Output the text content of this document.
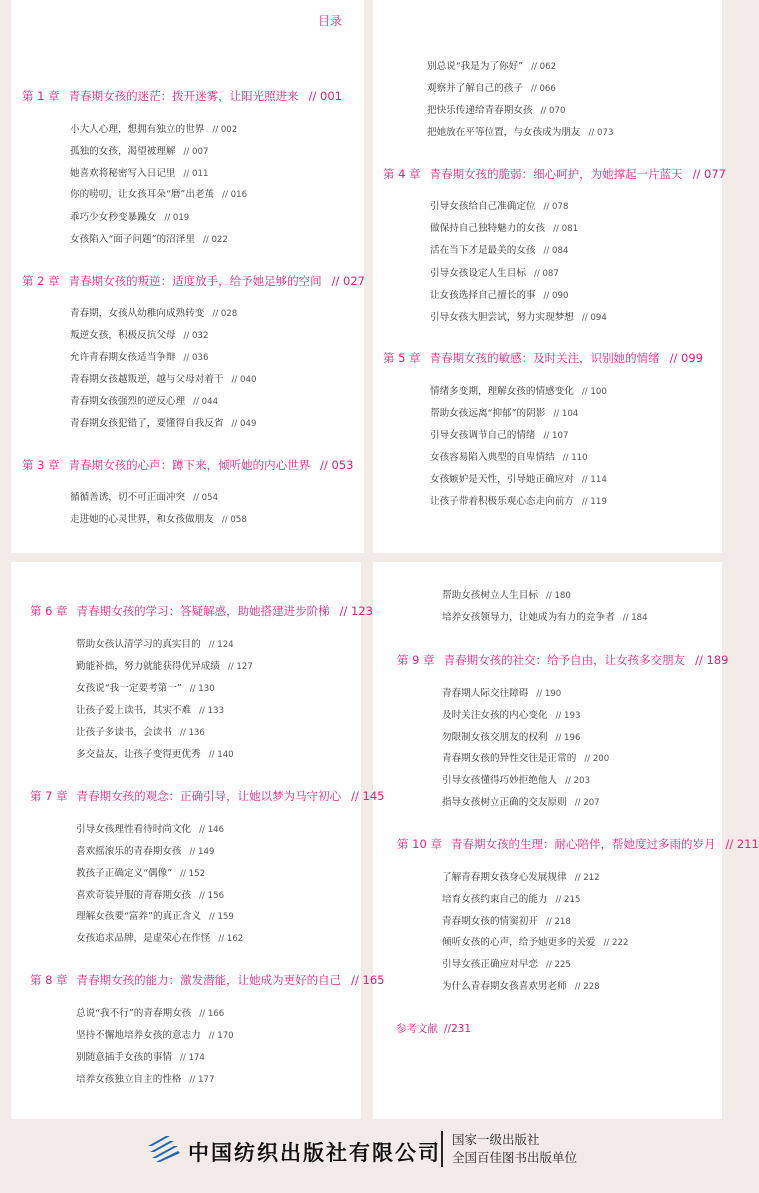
目录
第 1 章 青春期女孩的迷茫：拨开迷雾，让阳光照进来 // 001
小大人心理，想拥有独立的世界 // 002
孤独的女孩，渴望被理解 // 007
她喜欢将秘密写入日记里 // 011
你的唠叨，让女孩耳朵“磨”出老茧 // 016
乖巧少女秒变暴躁女 // 019
女孩陷入“面子问题”的沼泽里 // 022
第 2 章 青春期女孩的叛逆：适度放手，给予她足够的空间 // 027
青春期，女孩从幼稚向成熟转变 // 028
叛逆女孩，积极反抗父母 // 032
允许青春期女孩适当争辩 // 036
青春期女孩越叛逆，越与父母对着干 // 040
青春期女孩强烈的逆反心理 // 044
青春期女孩犯错了，要懂得自我反省 // 049
第 3 章 青春期女孩的心声：蹲下来，倾听她的内心世界 // 053
循循善诱，切不可正面冲突 // 054
走进她的心灵世界，和女孩做朋友 // 058
别总说“我是为了你好” // 062
观察并了解自己的孩子 // 066
把快乐传递给青春期女孩 // 070
把她放在平等位置，与女孩成为朋友 // 073
第 4 章 青春期女孩的脆弱：细心呵护，为她撑起一片蓝天 // 077
引导女孩给自己准确定位 // 078
做保持自己独特魅力的女孩 // 081
活在当下才是最美的女孩 // 084
引导女孩设定人生目标 // 087
让女孩选择自己擅长的事 // 090
引导女孩大胆尝试，努力实现梦想 // 094
第 5 章 青春期女孩的敏感：及时关注，识别她的情绪 // 099
情绪多变期，理解女孩的情感变化 // 100
帮助女孩远离“抑郁”的阴影 // 104
引导女孩调节自己的情绪 // 107
女孩容易陷入典型的自卑情结 // 110
女孩嫉妒是天性，引导她正确应对 // 114
让孩子带着积极乐观心态走向前方 // 119
第 6 章 青春期女孩的学习：答疑解惑，助她搭建进步阶梯 // 123
帮助女孩认清学习的真实目的 // 124
勤能补拙，努力就能获得优异成绩 // 127
女孩说“我一定要考第一” // 130
让孩子爱上读书，其实不难 // 133
让孩子多读书，会读书 // 136
多交益友，让孩子变得更优秀 // 140
第 7 章 青春期女孩的观念：正确引导，让她以梦为马守初心 // 145
引导女孩理性看待时尚文化 // 146
喜欢摇滚乐的青春期女孩 // 149
教孩子正确定义“偶像” // 152
喜欢奇装异服的青春期女孩 // 156
理解女孩要“富养”的真正含义 // 159
女孩追求品牌，是虚荣心在作怪 // 162
第 8 章 青春期女孩的能力：激发潜能，让她成为更好的自己 // 165
总说“我不行”的青春期女孩 // 166
坚持不懈地培养女孩的意志力 // 170
别随意插手女孩的事情 // 174
培养女孩独立自主的性格 // 177
帮助女孩树立人生目标 // 180
培养女孩领导力，让她成为有力的竞争者 // 184
第 9 章 青春期女孩的社交：给予自由，让女孩多交朋友 // 189
青春期人际交往障碍 // 190
及时关注女孩的内心变化 // 193
勿限制女孩交朋友的权利 // 196
青春期女孩的异性交往是正常的 // 200
引导女孩懂得巧妙拒绝他人 // 203
指导女孩树立正确的交友原则 // 207
第 10 章 青春期女孩的生理：耐心陪伴，帮她度过多雨的岁月 // 211
了解青春期女孩身心发展规律 // 212
培育女孩约束自己的能力 // 215
青春期女孩的情窦初开 // 218
倾听女孩的心声，给予她更多的关爱 // 222
引导女孩正确应对早恋 // 225
为什么青春期女孩喜欢男老师 // 228
参考文献 //231
中国纺织出版社有限公司
国家一级出版社
全国百佳图书出版单位
